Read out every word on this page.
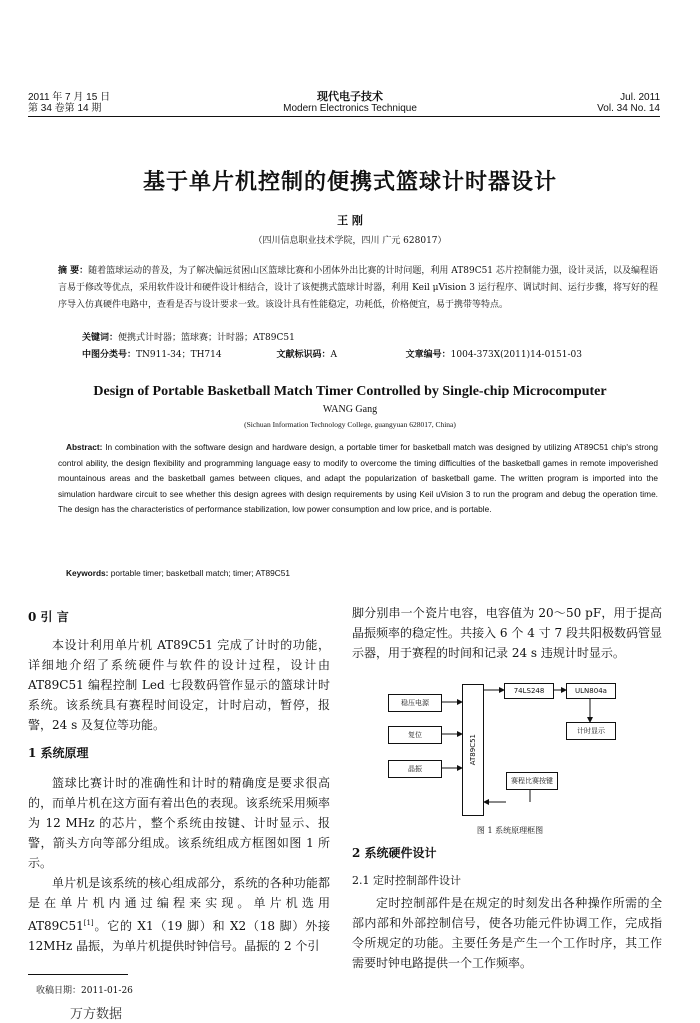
2011 年 7 月 15 日
第 34 卷第 14 期
现代电子技术
Modern Electronics Technique
Jul. 2011
Vol. 34 No. 14
基于单片机控制的便携式篮球计时器设计
王 刚
（四川信息职业技术学院，四川 广元 628017）
摘 要：随着篮球运动的普及，为了解决偏远贫困山区篮球比赛和小团体外出比赛的计时问题，利用 AT89C51 芯片控制能力强，设计灵活，以及编程语言易于修改等优点，采用软件设计和硬件设计相结合，设计了该便携式篮球计时器，利用 Keil μVision 3 运行程序、调试时间、运行步骤，将写好的程序导入仿真硬件电路中，查看是否与设计要求一致。该设计具有性能稳定，功耗低，价格便宜，易于携带等特点。
关键词：便携式计时器；篮球赛；计时器；AT89C51
中图分类号：TN911-34；TH714	文献标识码：A	文章编号：1004-373X(2011)14-0151-03
Design of Portable Basketball Match Timer Controlled by Single-chip Microcomputer
WANG Gang
(Sichuan Information Technology College, guangyuan 628017, China)
Abstract: In combination with the software design and hardware design, a portable timer for basketball match was designed by utilizing AT89C51 chip's strong control ability, the design flexibility and programming language easy to modify to overcome the timing difficulties of the basketball games in remote impoverished mountainous areas and the basketball games between cliques, and adapt the popularization of basketball game. The written program is imported into the simulation hardware circuit to see whether this design agrees with design requirements by using Keil uVision 3 to run the program and debug the operation time. The design has the characteristics of performance stabilization, low power consumption and low price, and is portable.
Keywords: portable timer; basketball match; timer; AT89C51
0 引 言

本设计利用单片机 AT89C51 完成了计时的功能，详细地介绍了系统硬件与软件的设计过程，设计由 AT89C51 编程控制 Led 七段数码管作显示的篮球计时系统。该系统具有赛程时间设定，计时启动，暂停，报警，24 s 及复位等功能。

1 系统原理

篮球比赛计时的准确性和计时的精确度是要求很高的，而单片机在这方面有着出色的表现。该系统采用频率为 12 MHz 的芯片，整个系统由按键、计时显示、报警，箭头方向等部分组成。该系统组成方框图如图 1 所示。

单片机是该系统的核心组成部分，系统的各种功能都是在单片机内通过编程来实现。单片机选用 AT89C51[1]。它的 X1（19 脚）和 X2（18 脚）外接 12MHz 晶振，为单片机提供时钟信号。晶振的 2 个引

脚分别串一个瓷片电容，电容值为 20～50 pF，用于提高晶振频率的稳定性。共接入 6 个 4 寸 7 段共阳极数码管显示器，用于赛程的时间和记录 24 s 违规计时显示。

稳压电源
复位
晶振
AT89C51
74LS248	ULN804a
计时显示
赛程比赛按键
图 1 系统原理框图
2 系统硬件设计
2.1 定时控制部件设计

定时控制部件是在规定的时刻发出各种操作所需的全部内部和外部控制信号，使各功能元件协调工作，完成指令所规定的功能。主要任务是产生一个工作时序，其工作需要时钟电路提供一个工作频率。

收稿日期：2011-01-26
万方数据
